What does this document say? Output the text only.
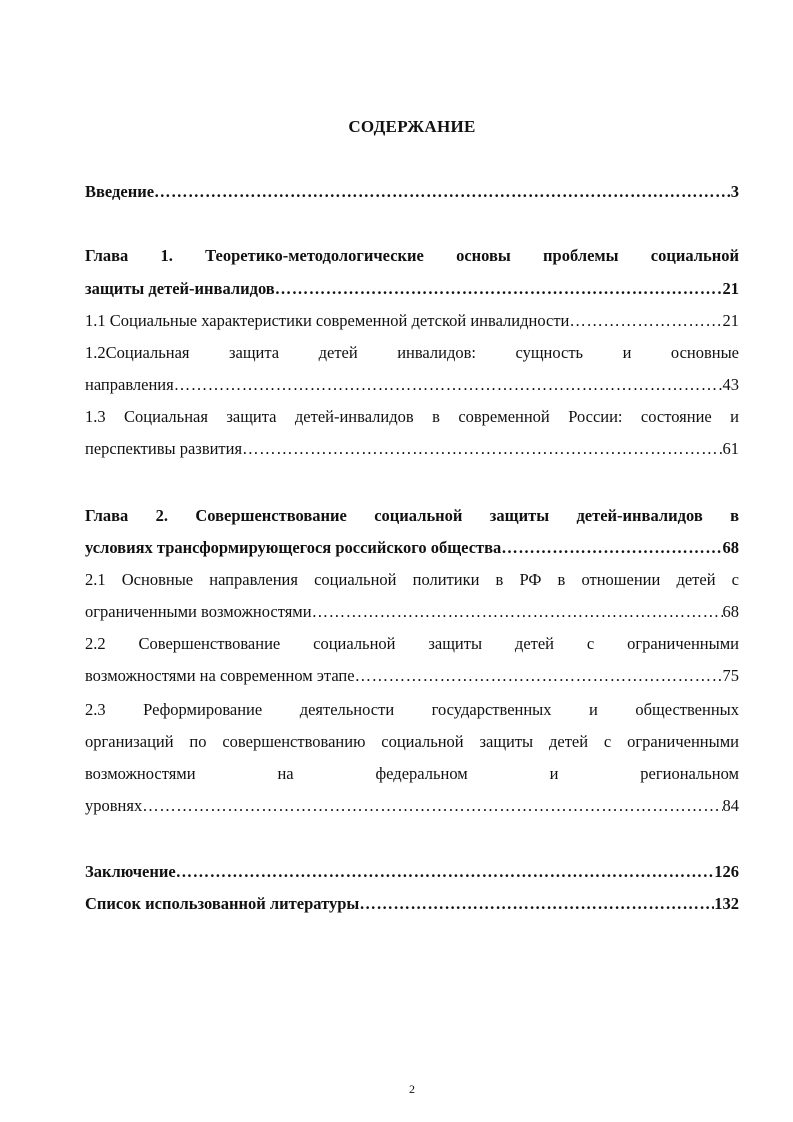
СОДЕРЖАНИЕ
Введение ……………………………………………………………………………………………………………………………………………………………………………………………………	3
Глава 1. Теоретико-методологические основы проблемы социальной
защиты детей-инвалидов ……………………………………………………………………………………………………………………………………………………………………………………………………	21
1.1 Социальные характеристики современной детской инвалидности ……………………………………………………………………………………………………………………………………………………………………………………………………	21
1.2Социальная защита детей инвалидов: сущность и основные
направления ……………………………………………………………………………………………………………………………………………………………………………………………………	43
1.3 Социальная защита детей-инвалидов в современной России: состояние и
перспективы развития ……………………………………………………………………………………………………………………………………………………………………………………………………	61
Глава 2. Совершенствование социальной защиты детей-инвалидов в
условиях трансформирующегося российского общества ……………………………………………………………………………………………………………………………………………………………………………………………………	68
2.1 Основные направления социальной политики в РФ в отношении детей с
ограниченными возможностями ……………………………………………………………………………………………………………………………………………………………………………………………………	68
2.2 Совершенствование социальной защиты детей с ограниченными
возможностями на современном этапе ……………………………………………………………………………………………………………………………………………………………………………………………………	75
2.3 Реформирование деятельности государственных и общественных
организаций по совершенствованию социальной защиты детей с ограниченными
возможностями на федеральном и региональном
уровнях ……………………………………………………………………………………………………………………………………………………………………………………………………	84
Заключение ……………………………………………………………………………………………………………………………………………………………………………………………………	126
Список использованной литературы ……………………………………………………………………………………………………………………………………………………………………………………………………	132
2
